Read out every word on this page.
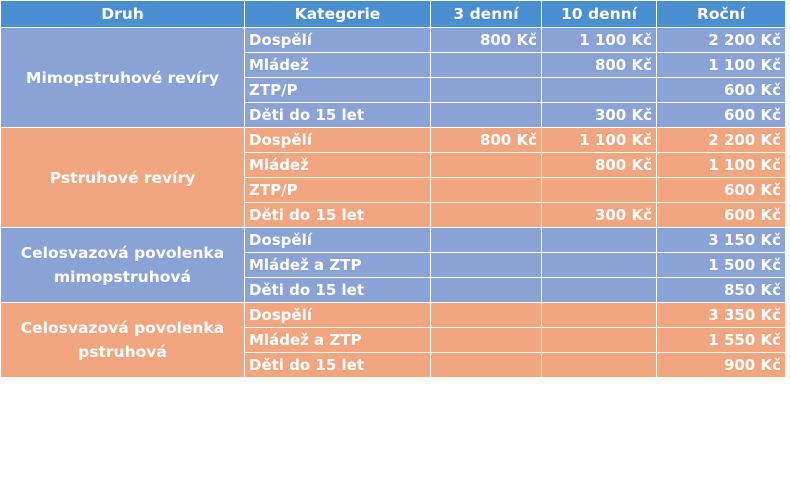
Druh	Kategorie	3 denní	10 denní	Roční
Mimopstruhové revíry	Dospělí	800 Kč	1 100 Kč	2 200 Kč
	Mládež		800 Kč	1 100 Kč
	ZTP/P			600 Kč
	Děti do 15 let		300 Kč	600 Kč
Pstruhové revíry	Dospělí	800 Kč	1 100 Kč	2 200 Kč
	Mládež		800 Kč	1 100 Kč
	ZTP/P			600 Kč
	Děti do 15 let		300 Kč	600 Kč
Celosvazová povolenka mimopstruhová	Dospělí			3 150 Kč
	Mládež a ZTP			1 500 Kč
	Děti do 15 let			850 Kč
Celosvazová povolenka pstruhová	Dospělí			3 350 Kč
	Mládež a ZTP			1 550 Kč
	Děti do 15 let			900 Kč
